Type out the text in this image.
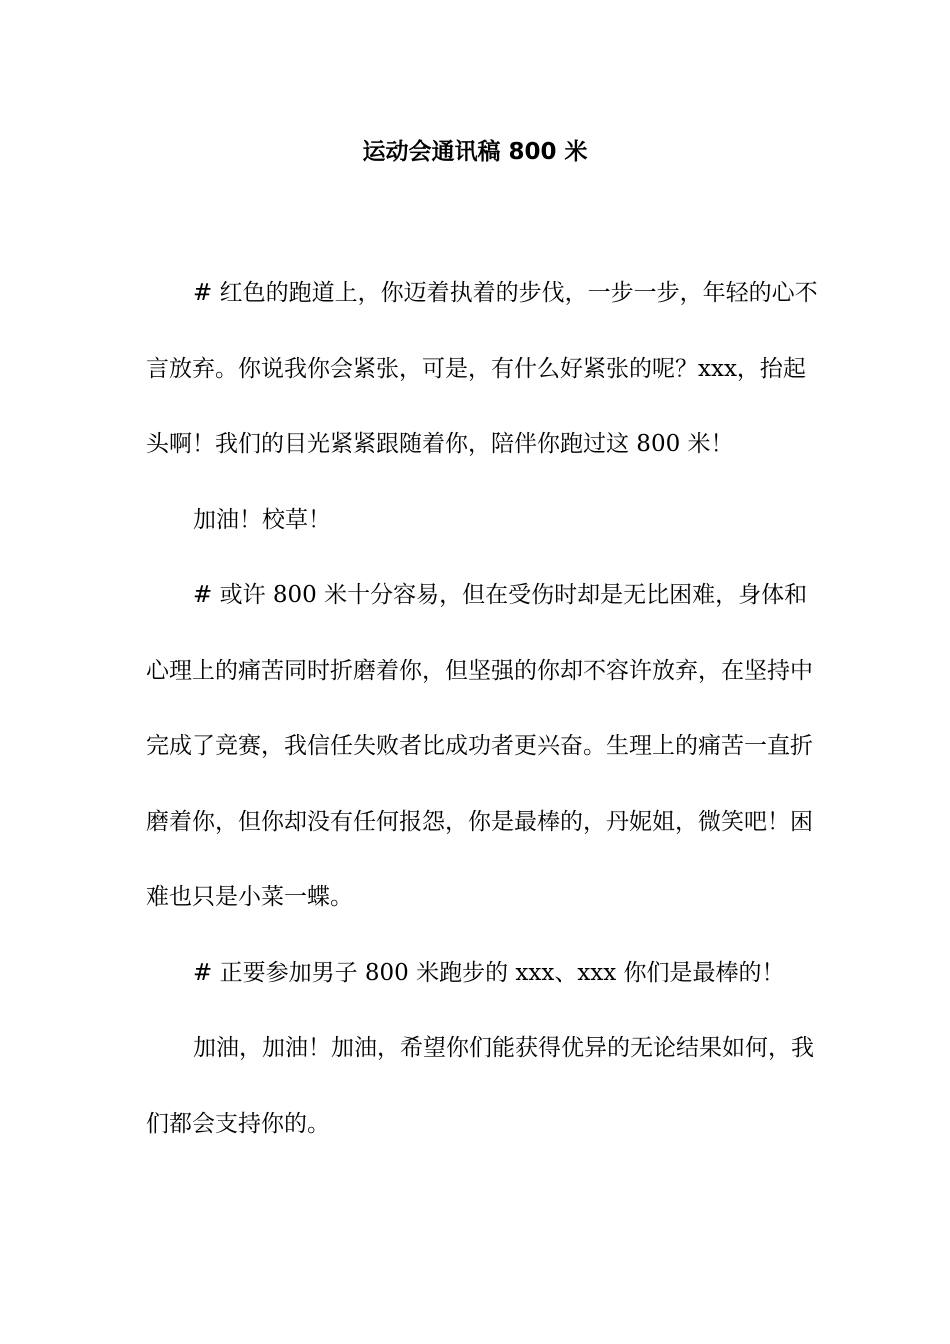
运动会通讯稿 800 米

# 红色的跑道上，你迈着执着的步伐，一步一步，年轻的心不言放弃。你说我你会紧张，可是，有什么好紧张的呢？xxx，抬起头啊！我们的目光紧紧跟随着你，陪伴你跑过这 800 米！

加油！校草！

# 或许 800 米十分容易，但在受伤时却是无比困难，身体和心理上的痛苦同时折磨着你，但坚强的你却不容许放弃，在坚持中完成了竞赛，我信任失败者比成功者更兴奋。生理上的痛苦一直折磨着你，但你却没有任何报怨，你是最棒的，丹妮姐，微笑吧！困难也只是小菜一蝶。

# 正要参加男子 800 米跑步的 xxx、xxx 你们是最棒的！

加油，加油！加油，希望你们能获得优异的无论结果如何，我们都会支持你的。
